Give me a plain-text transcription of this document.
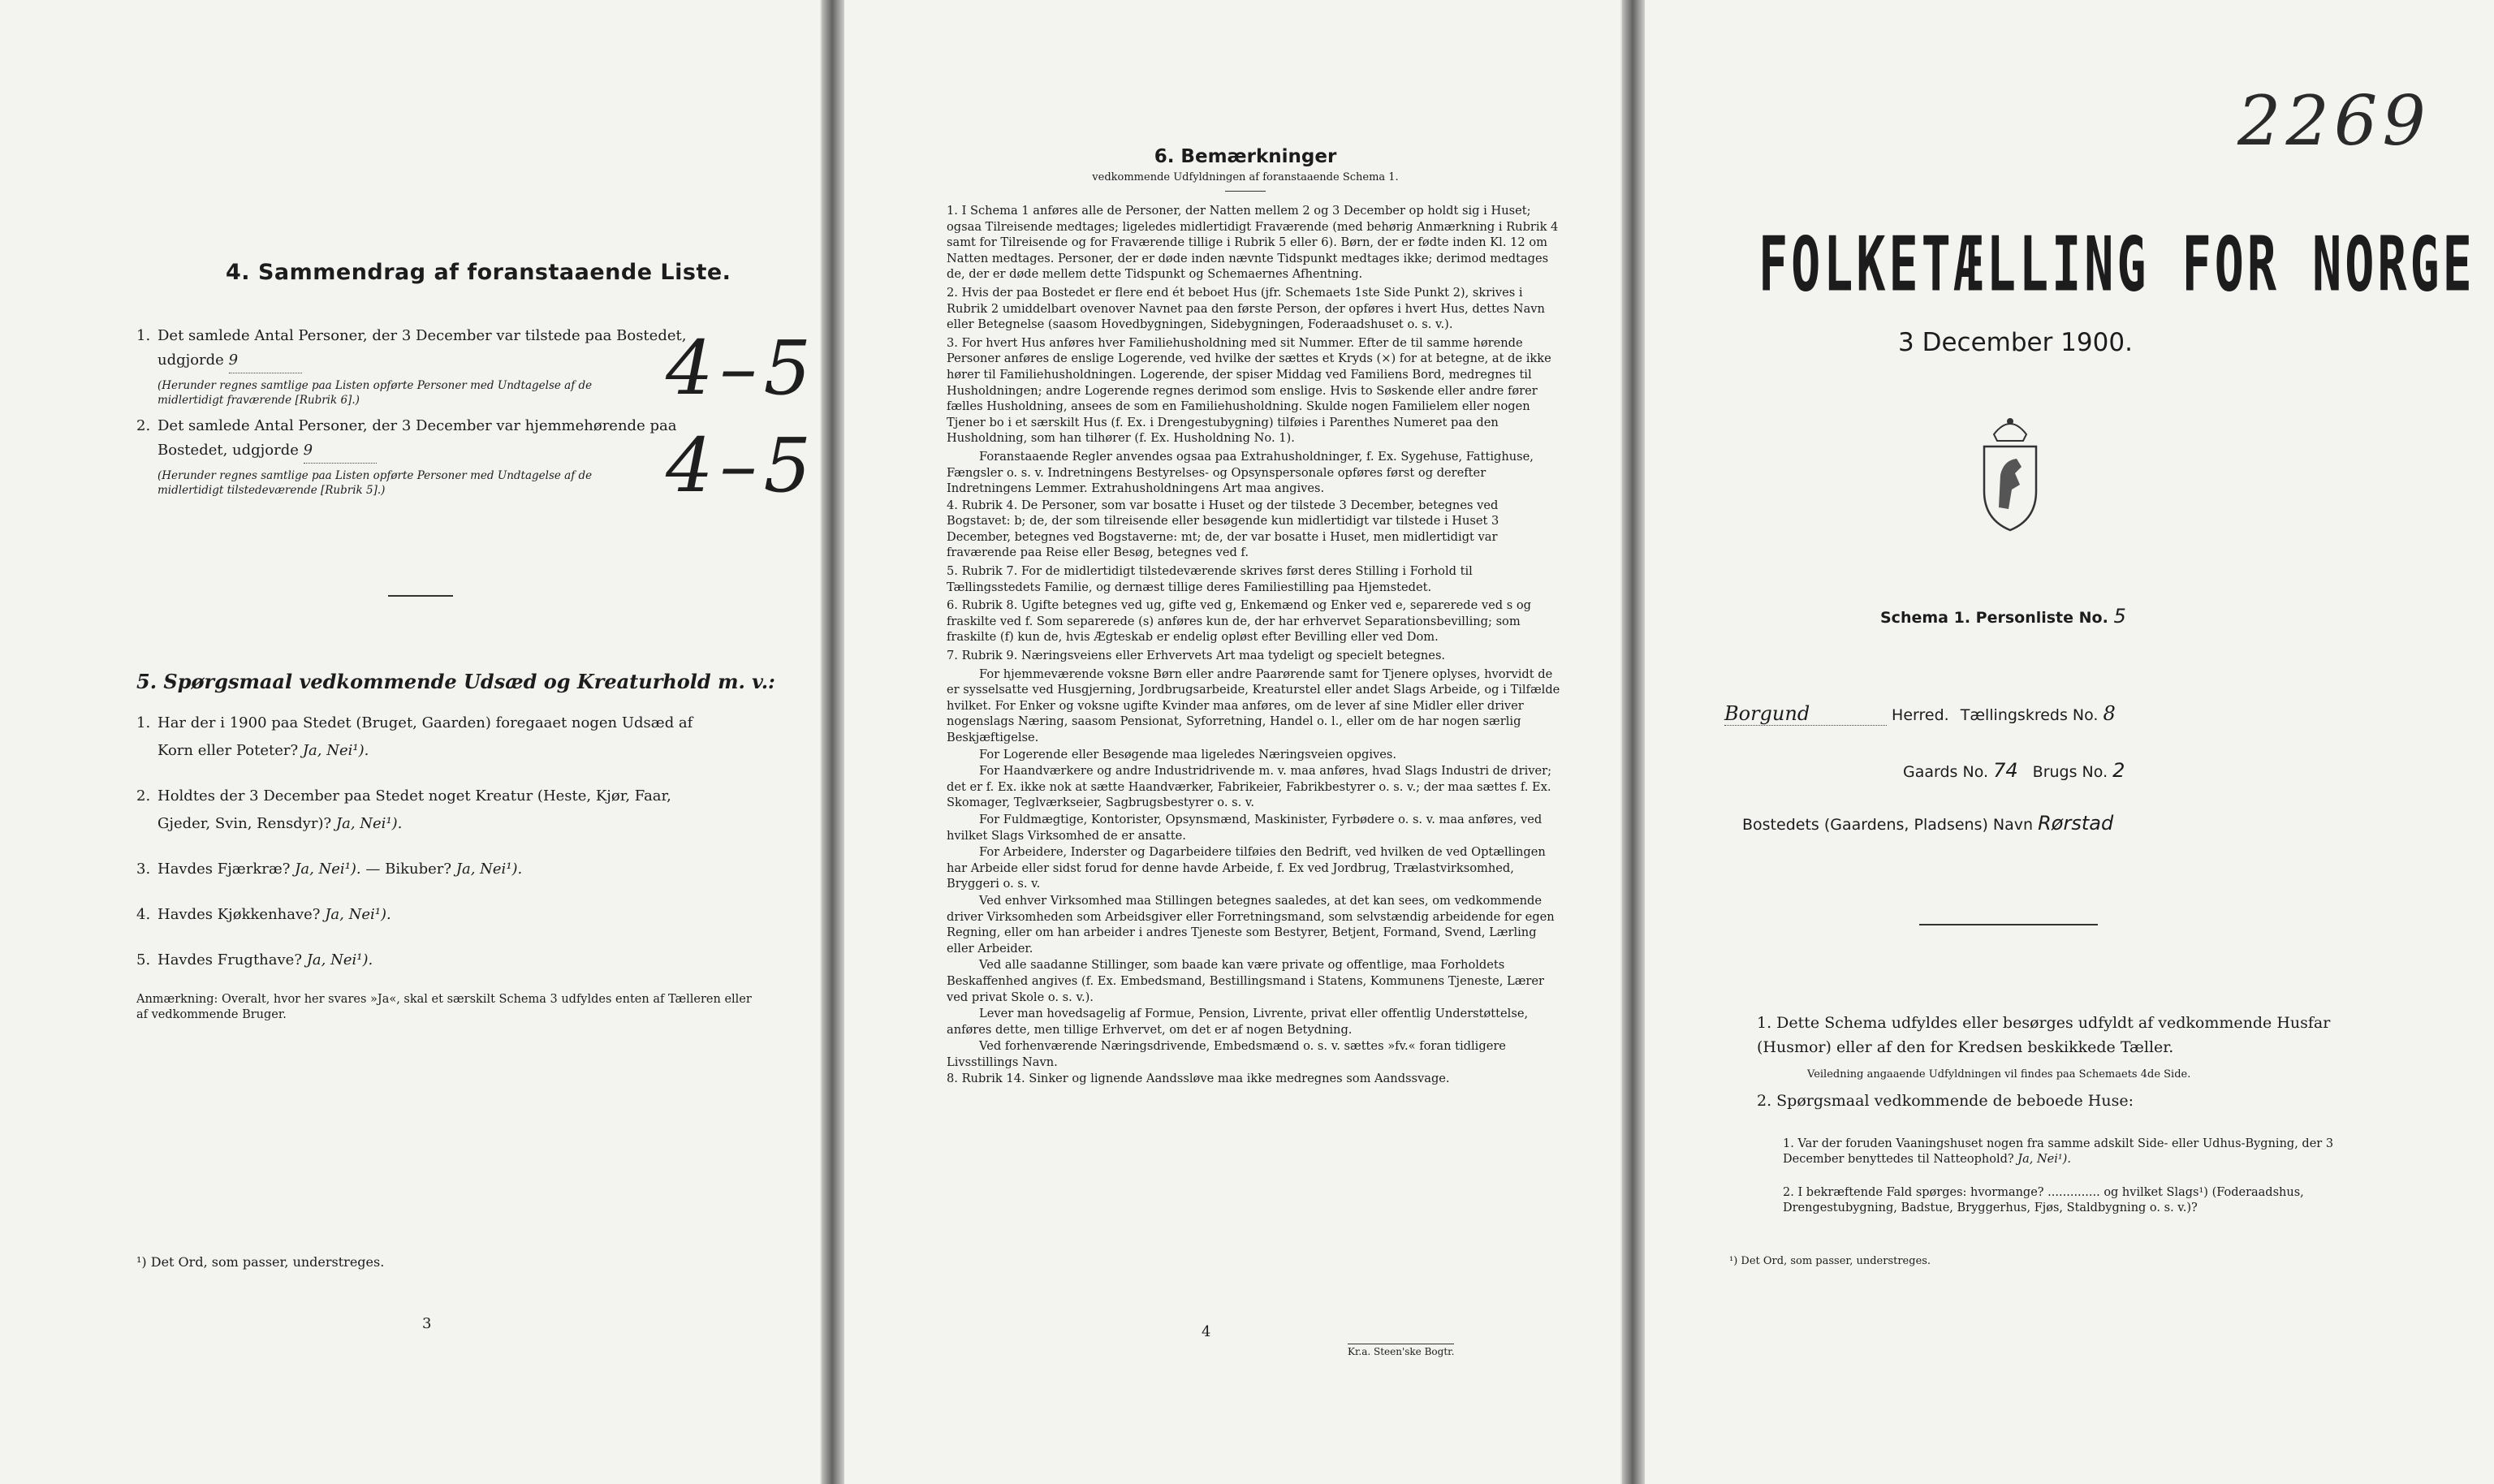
4. Sammendrag af foranstaaende Liste.
1. Det samlede Antal Personer, der 3 December var tilstede paa Bostedet,
udgjorde 9
(Herunder regnes samtlige paa Listen opførte Personer med Undtagelse af de midlertidigt fraværende [Rubrik 6].)
2. Det samlede Antal Personer, der 3 December var hjemmehørende paa
Bostedet, udgjorde 9
(Herunder regnes samtlige paa Listen opførte Personer med Undtagelse af de midlertidigt tilstedeværende [Rubrik 5].)
4–5
4–5
5. Spørgsmaal vedkommende Udsæd og Kreaturhold m. v.:
1. Har der i 1900 paa Stedet (Bruget, Gaarden) foregaaet nogen Udsæd af
Korn eller Poteter? Ja, Nei¹).
2. Holdtes der 3 December paa Stedet noget Kreatur (Heste, Kjør, Faar,
Gjeder, Svin, Rensdyr)? Ja, Nei¹).
3. Havdes Fjærkræ? Ja, Nei¹). — Bikuber? Ja, Nei¹).
4. Havdes Kjøkkenhave? Ja, Nei¹).
5. Havdes Frugthave? Ja, Nei¹).
Anmærkning: Overalt, hvor her svares »Ja«, skal et særskilt Schema 3 udfyldes enten af Tælleren eller af vedkommende Bruger.
¹) Det Ord, som passer, understreges.
3
6. Bemærkninger
vedkommende Udfyldningen af foranstaaende Schema 1.
1. I Schema 1 anføres alle de Personer, der Natten mellem 2 og 3 December op holdt sig i Huset; ogsaa Tilreisende medtages; ligeledes midlertidigt Fraværende (med behørig Anmærkning i Rubrik 4 samt for Tilreisende og for Fraværende tillige i Rubrik 5 eller 6). Børn, der er fødte inden Kl. 12 om Natten medtages. Personer, der er døde inden nævnte Tidspunkt medtages ikke; derimod medtages de, der er døde mellem dette Tidspunkt og Schemaernes Afhentning.
2. Hvis der paa Bostedet er flere end ét beboet Hus (jfr. Schemaets 1ste Side Punkt 2), skrives i Rubrik 2 umiddelbart ovenover Navnet paa den første Person, der opføres i hvert Hus, dettes Navn eller Betegnelse (saasom Hovedbygningen, Sidebygningen, Foderaadshuset o. s. v.).
3. For hvert Hus anføres hver Familiehusholdning med sit Nummer. Efter de til samme hørende Personer anføres de enslige Logerende, ved hvilke der sættes et Kryds (×) for at betegne, at de ikke hører til Familiehusholdningen. Logerende, der spiser Middag ved Familiens Bord, medregnes til Husholdningen; andre Logerende regnes derimod som enslige. Hvis to Søskende eller andre fører fælles Husholdning, ansees de som en Familiehusholdning. Skulde nogen Familielem eller nogen Tjener bo i et særskilt Hus (f. Ex. i Drengestubygning) tilføies i Parenthes Numeret paa den Husholdning, som han tilhører (f. Ex. Husholdning No. 1).
Foranstaaende Regler anvendes ogsaa paa Extrahusholdninger, f. Ex. Sygehuse, Fattighuse, Fængsler o. s. v. Indretningens Bestyrelses- og Opsynspersonale opføres først og derefter Indretningens Lemmer. Extrahusholdningens Art maa angives.
4. Rubrik 4. De Personer, som var bosatte i Huset og der tilstede 3 December, betegnes ved Bogstavet: b; de, der som tilreisende eller besøgende kun midlertidigt var tilstede i Huset 3 December, betegnes ved Bogstaverne: mt; de, der var bosatte i Huset, men midlertidigt var fraværende paa Reise eller Besøg, betegnes ved f.
5. Rubrik 7. For de midlertidigt tilstedeværende skrives først deres Stilling i Forhold til Tællingsstedets Familie, og dernæst tillige deres Familiestilling paa Hjemstedet.
6. Rubrik 8. Ugifte betegnes ved ug, gifte ved g, Enkemænd og Enker ved e, separerede ved s og fraskilte ved f. Som separerede (s) anføres kun de, der har erhvervet Separationsbevilling; som fraskilte (f) kun de, hvis Ægteskab er endelig opløst efter Bevilling eller ved Dom.
7. Rubrik 9. Næringsveiens eller Erhvervets Art maa tydeligt og specielt betegnes.
For hjemmeværende voksne Børn eller andre Paarørende samt for Tjenere oplyses, hvorvidt de er sysselsatte ved Husgjerning, Jordbrugsarbeide, Kreaturstel eller andet Slags Arbeide, og i Tilfælde hvilket. For Enker og voksne ugifte Kvinder maa anføres, om de lever af sine Midler eller driver nogenslags Næring, saasom Pensionat, Syforretning, Handel o. l., eller om de har nogen særlig Beskjæftigelse.
For Logerende eller Besøgende maa ligeledes Næringsveien opgives.
For Haandværkere og andre Industridrivende m. v. maa anføres, hvad Slags Industri de driver; det er f. Ex. ikke nok at sætte Haandværker, Fabrikeier, Fabrikbestyrer o. s. v.; der maa sættes f. Ex. Skomager, Teglværkseier, Sagbrugsbestyrer o. s. v.
For Fuldmægtige, Kontorister, Opsynsmænd, Maskinister, Fyrbødere o. s. v. maa anføres, ved hvilket Slags Virksomhed de er ansatte.
For Arbeidere, Inderster og Dagarbeidere tilføies den Bedrift, ved hvilken de ved Optællingen har Arbeide eller sidst forud for denne havde Arbeide, f. Ex ved Jordbrug, Trælastvirksomhed, Bryggeri o. s. v.
Ved enhver Virksomhed maa Stillingen betegnes saaledes, at det kan sees, om vedkommende driver Virksomheden som Arbeidsgiver eller Forretningsmand, som selvstændig arbeidende for egen Regning, eller om han arbeider i andres Tjeneste som Bestyrer, Betjent, Formand, Svend, Lærling eller Arbeider.
Ved alle saadanne Stillinger, som baade kan være private og offentlige, maa Forholdets Beskaffenhed angives (f. Ex. Embedsmand, Bestillingsmand i Statens, Kommunens Tjeneste, Lærer ved privat Skole o. s. v.).
Lever man hovedsagelig af Formue, Pension, Livrente, privat eller offentlig Understøttelse, anføres dette, men tillige Erhvervet, om det er af nogen Betydning.
Ved forhenværende Næringsdrivende, Embedsmænd o. s. v. sættes »fv.« foran tidligere Livsstillings Navn.
8. Rubrik 14. Sinker og lignende Aandssløve maa ikke medregnes som Aandssvage.
4
Kr.a. Steen'ske Bogtr.
2269
FOLKETÆLLING FOR NORGE
3 December 1900.
Schema 1. Personliste No. 5
Borgund	Herred. Tællingskreds No. 8
Gaards No. 74 Brugs No. 2
Bostedets (Gaardens, Pladsens) Navn Rørstad
1. Dette Schema udfyldes eller besørges udfyldt af vedkommende Husfar (Husmor) eller af den for Kredsen beskikkede Tæller.
Veiledning angaaende Udfyldningen vil findes paa Schemaets 4de Side.
2. Spørgsmaal vedkommende de beboede Huse:
1. Var der foruden Vaaningshuset nogen fra samme adskilt Side- eller Udhus-Bygning, der 3 December benyttedes til Natteophold? Ja, Nei¹).
2. I bekræftende Fald spørges: hvormange? .............. og hvilket Slags¹) (Foderaadshus, Drengestubygning, Badstue, Bryggerhus, Fjøs, Staldbygning o. s. v.)?
¹) Det Ord, som passer, understreges.
